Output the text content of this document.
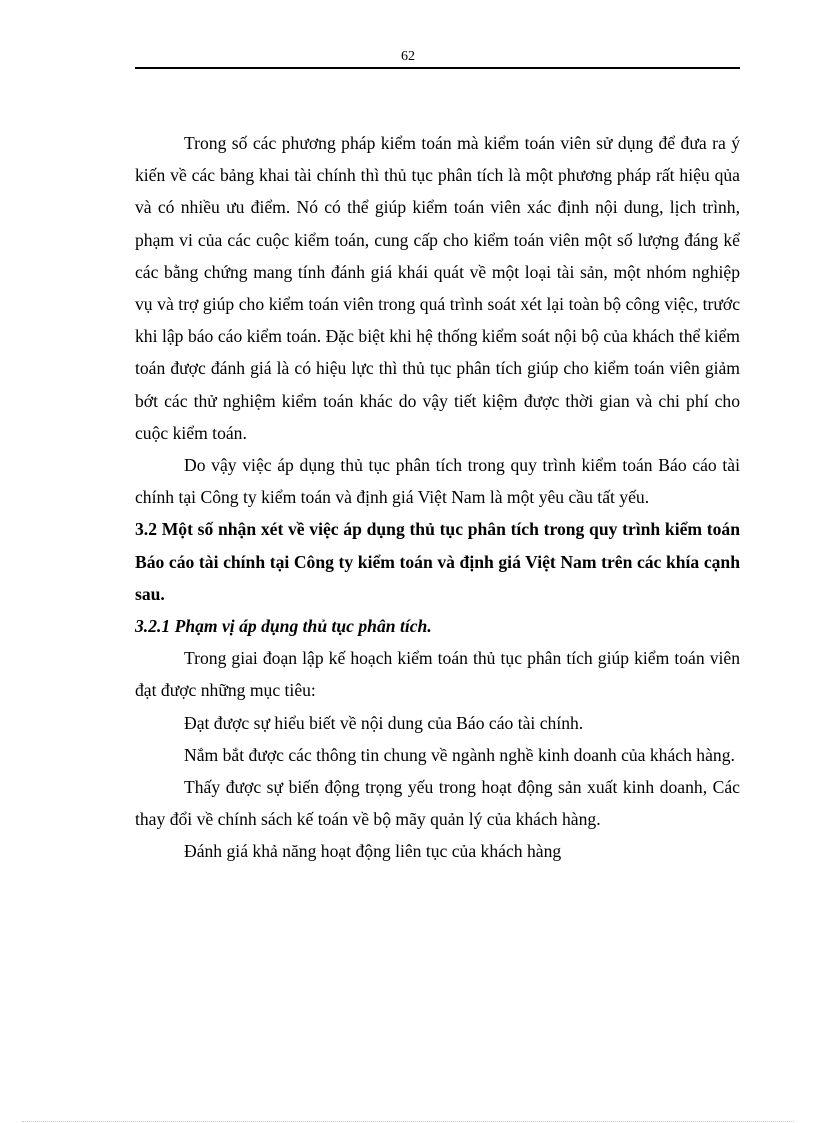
62

Trong số các phương pháp kiểm toán mà kiểm toán viên sử dụng để đưa ra ý kiến về các bảng khai tài chính thì thủ tục phân tích là một phương pháp rất hiệu qủa và có nhiều ưu điểm. Nó có thể giúp kiểm toán viên xác định nội dung, lịch trình, phạm vi của các cuộc kiểm toán, cung cấp cho kiểm toán viên một số lượng đáng kể các bằng chứng mang tính đánh giá khái quát về một loại tài sản, một nhóm nghiệp vụ và trợ giúp cho kiểm toán viên trong quá trình soát xét lại toàn bộ công việc, trước khi lập báo cáo kiểm toán. Đặc biệt khi hệ thống kiểm soát nội bộ của khách thể kiểm toán được đánh giá là có hiệu lực thì thủ tục phân tích giúp cho kiểm toán viên giảm bớt các thử nghiệm kiểm toán khác do vậy tiết kiệm được thời gian và chi phí cho cuộc kiểm toán.

Do vậy việc áp dụng thủ tục phân tích trong quy trình kiểm toán Báo cáo tài chính tại Công ty kiểm toán và định giá Việt Nam là một yêu cầu tất yếu.

3.2 Một số nhận xét về việc áp dụng thủ tục phân tích trong quy trình kiểm toán Báo cáo tài chính tại Công ty kiểm toán và định giá Việt Nam trên các khía cạnh sau.

3.2.1 Phạm vị áp dụng thủ tục phân tích.

Trong giai đoạn lập kế hoạch kiểm toán thủ tục phân tích giúp kiểm toán viên đạt được những mục tiêu:

Đạt được sự hiểu biết về nội dung của Báo cáo tài chính.

Nắm bắt được các thông tin chung về ngành nghề kinh doanh của khách hàng.

Thấy được sự biến động trọng yếu trong hoạt động sản xuất kinh doanh, Các thay đổi về chính sách kế toán về bộ mãy quản lý của khách hàng.

Đánh giá khả năng hoạt động liên tục của khách hàng
